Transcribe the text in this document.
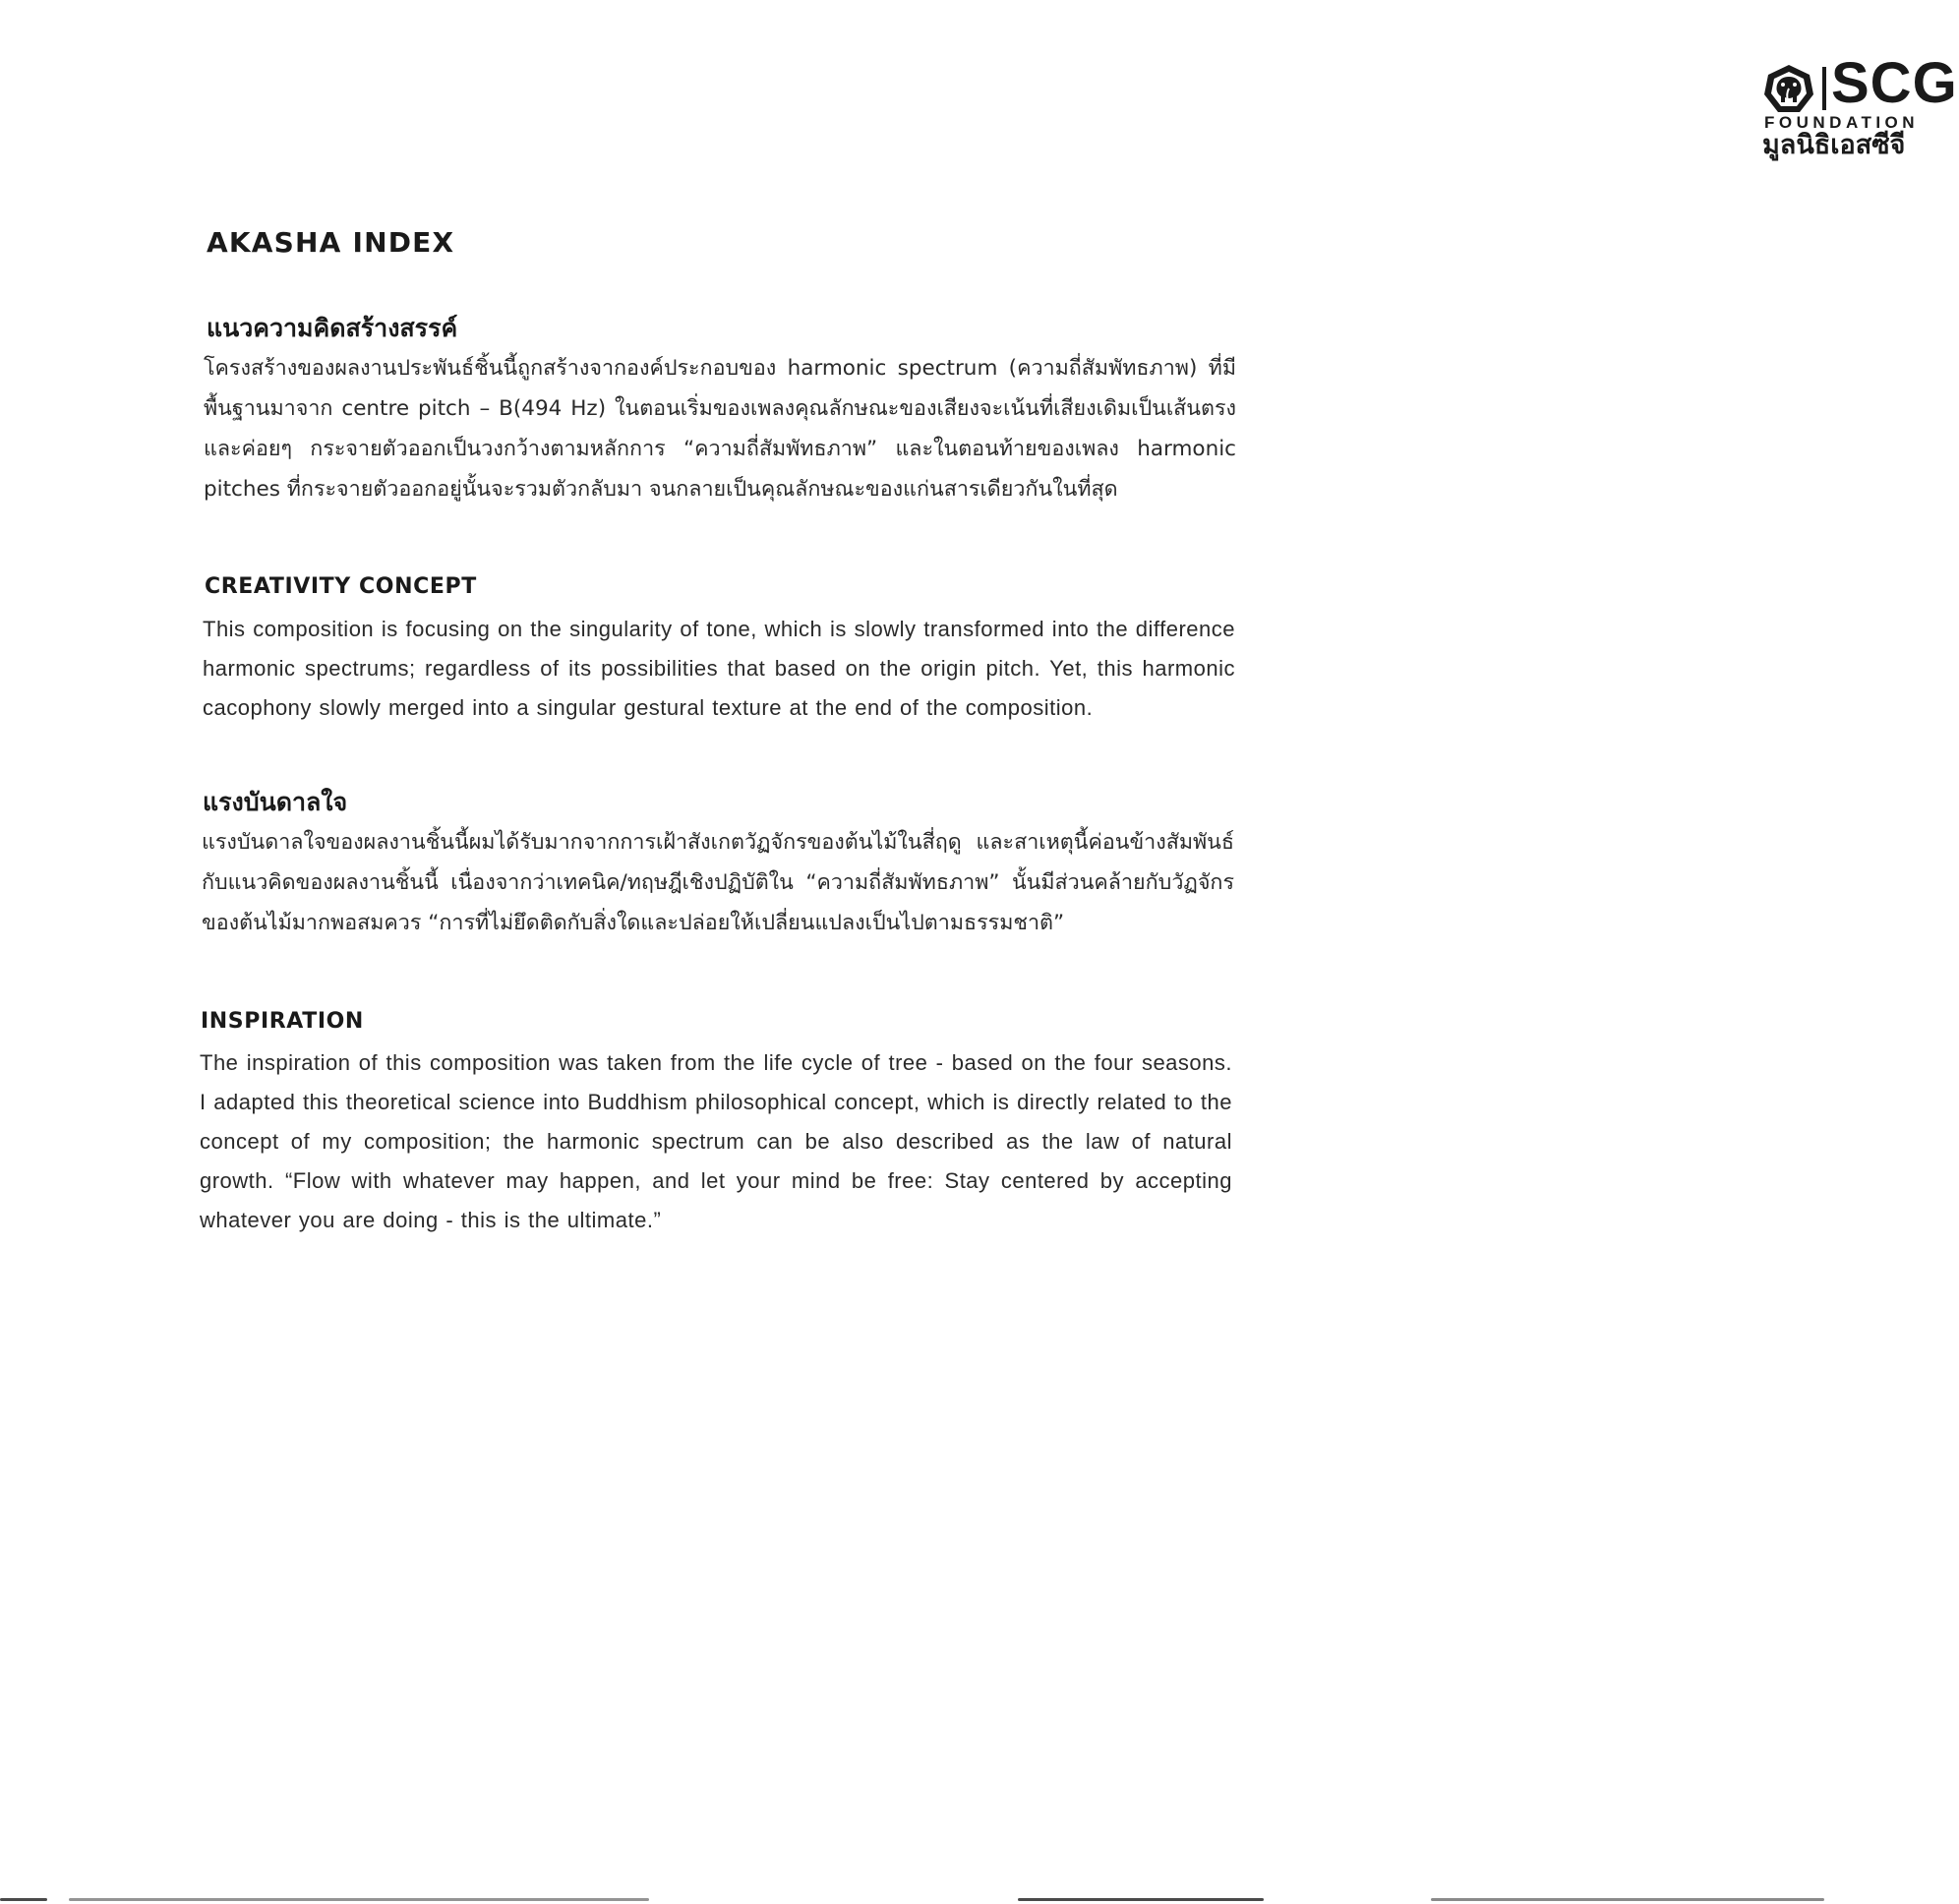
SCG
FOUNDATION
มูลนิธิเอสซีจี
AKASHA INDEX
แนวความคิดสร้างสรรค์

โครงสร้างของผลงานประพันธ์ชิ้นนี้ถูกสร้างจากองค์ประกอบของ harmonic spectrum (ความถี่สัมพัทธภาพ) ที่มีพื้นฐานมาจาก centre pitch – B(494 Hz) ในตอนเริ่มของเพลงคุณลักษณะของเสียงจะเน้นที่เสียงเดิมเป็นเส้นตรงและค่อยๆ กระจายตัวออกเป็นวงกว้างตามหลักการ “ความถี่สัมพัทธภาพ” และในตอนท้ายของเพลง harmonic pitches ที่กระจายตัวออกอยู่นั้นจะรวมตัวกลับมา จนกลายเป็นคุณลักษณะของแก่นสารเดียวกันในที่สุด

CREATIVITY CONCEPT

This composition is focusing on the singularity of tone, which is slowly transformed into the difference harmonic spectrums; regardless of its possibilities that based on the origin pitch. Yet, this harmonic cacophony slowly merged into a singular gestural texture at the end of the composition.

แรงบันดาลใจ

แรงบันดาลใจของผลงานชิ้นนี้ผมได้รับมากจากการเฝ้าสังเกตวัฏจักรของต้นไม้ในสี่ฤดู และสาเหตุนี้ค่อนข้างสัมพันธ์กับแนวคิดของผลงานชิ้นนี้ เนื่องจากว่าเทคนิค/ทฤษฎีเชิงปฏิบัติใน “ความถี่สัมพัทธภาพ” นั้นมีส่วนคล้ายกับวัฏจักรของต้นไม้มากพอสมควร “การที่ไม่ยึดติดกับสิ่งใดและปล่อยให้เปลี่ยนแปลงเป็นไปตามธรรมชาติ”

INSPIRATION

The inspiration of this composition was taken from the life cycle of tree - based on the four seasons. I adapted this theoretical science into Buddhism philosophical concept, which is directly related to the concept of my composition; the harmonic spectrum can be also described as the law of natural growth. “Flow with whatever may happen, and let your mind be free: Stay centered by accepting whatever you are doing - this is the ultimate.”
